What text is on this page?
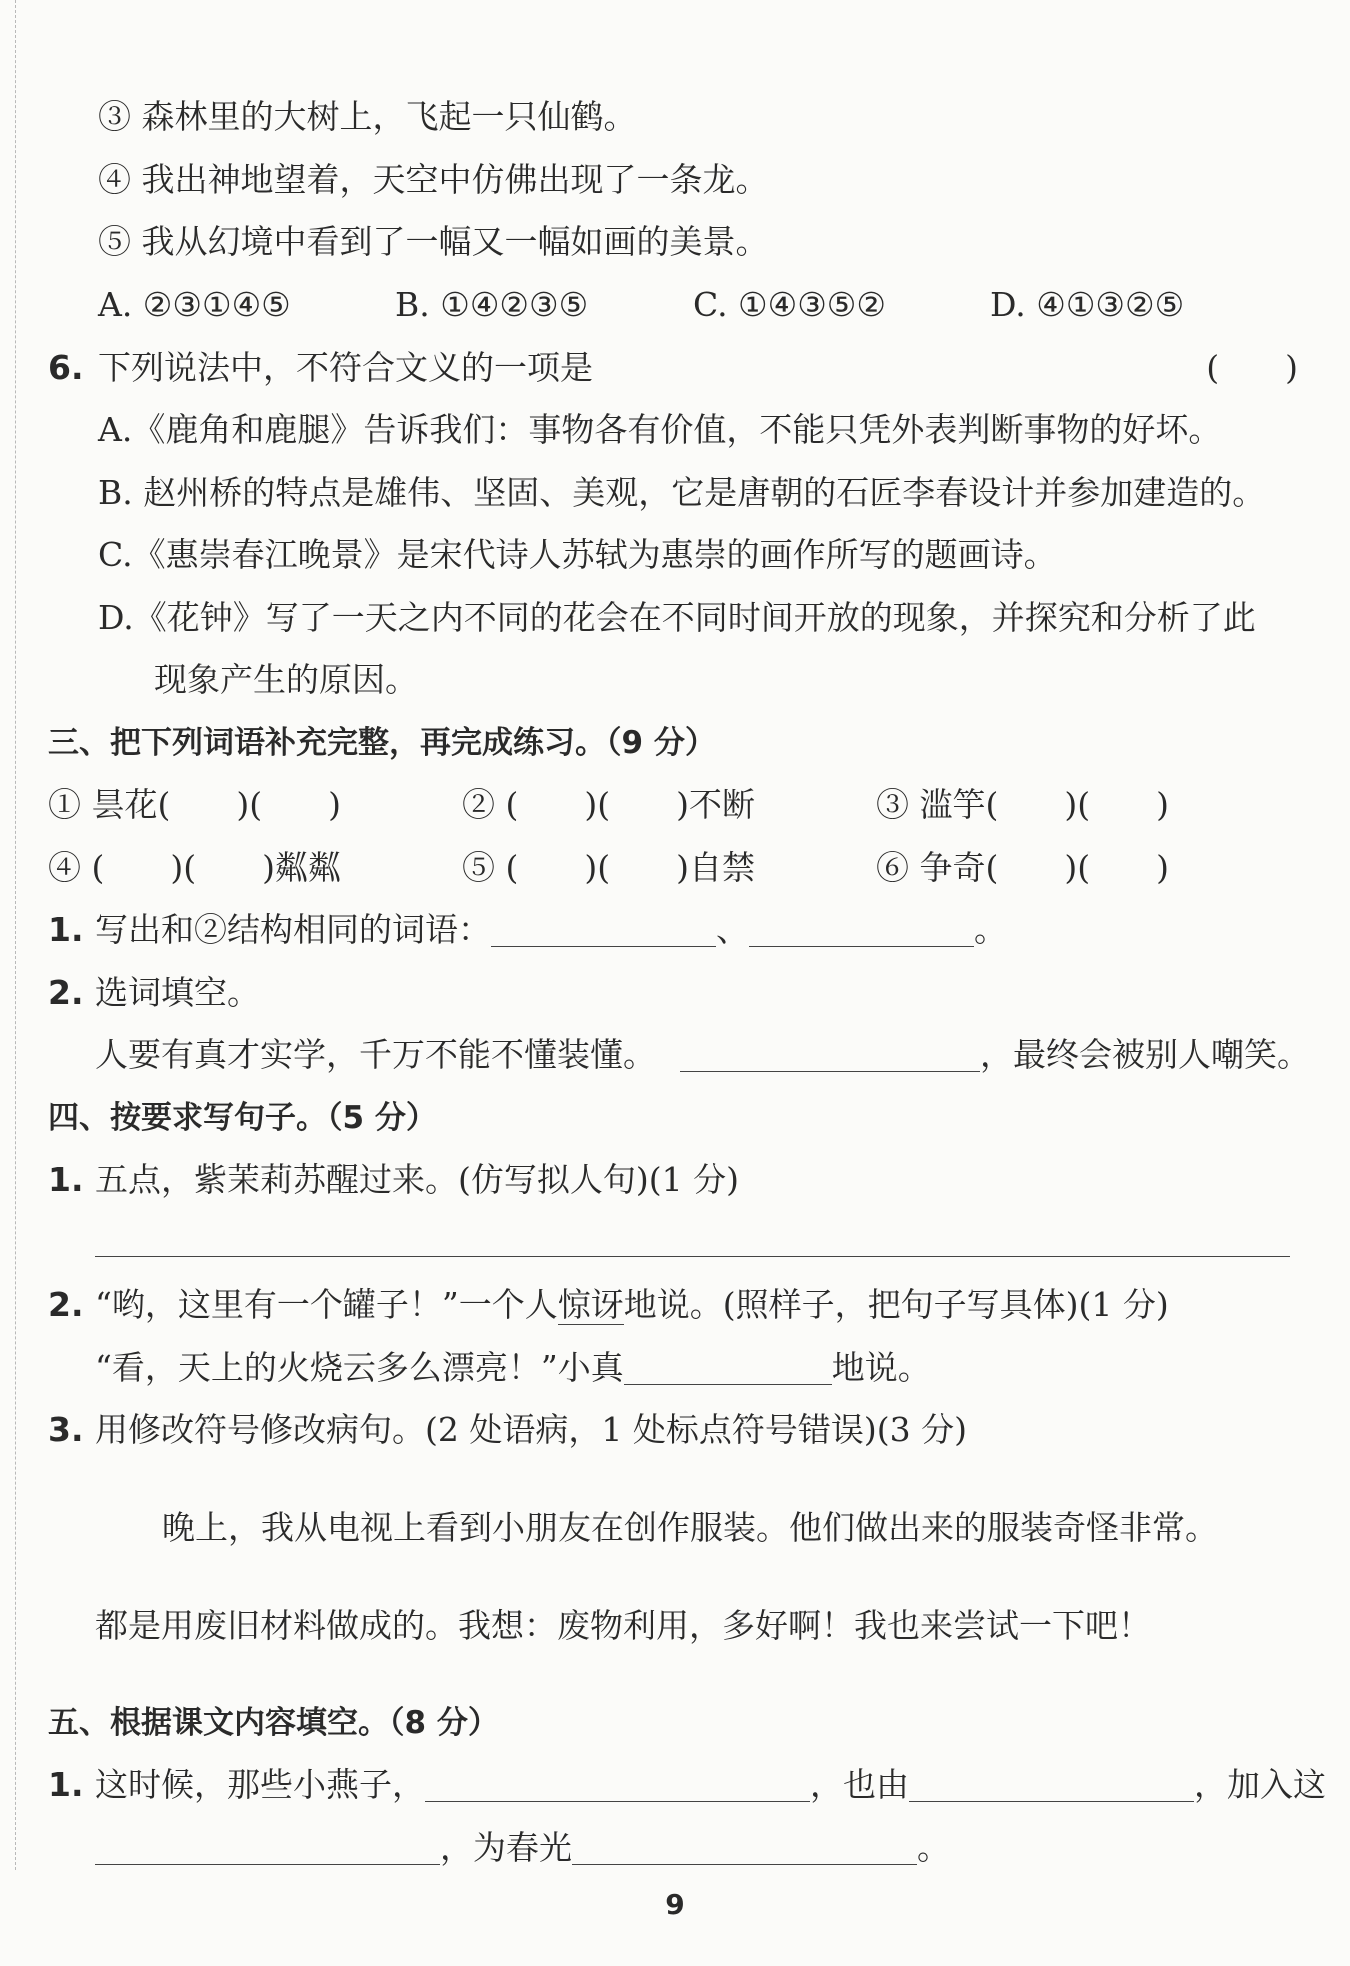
③ 森林里的大树上，飞起一只仙鹤。
④ 我出神地望着，天空中仿佛出现了一条龙。
⑤ 我从幻境中看到了一幅又一幅如画的美景。
A. ②③①④⑤	B. ①④②③⑤	C. ①④③⑤②	D. ④①③②⑤
6. 下列说法中，不符合文义的一项是	(　　)
A.《鹿角和鹿腿》告诉我们：事物各有价值，不能只凭外表判断事物的好坏。
B. 赵州桥的特点是雄伟、坚固、美观，它是唐朝的石匠李春设计并参加建造的。
C.《惠崇春江晚景》是宋代诗人苏轼为惠崇的画作所写的题画诗。
D.《花钟》写了一天之内不同的花会在不同时间开放的现象，并探究和分析了此
现象产生的原因。
三、把下列词语补充完整，再完成练习。（9 分）
① 昙花(　　)(　　)	② (　　)(　　)不断	③ 滥竽(　　)(　　)
④ (　　)(　　)粼粼	⑤ (　　)(　　)自禁	⑥ 争奇(　　)(　　)
1. 写出和②结构相同的词语：	、	。
2. 选词填空。
人要有真才实学，千万不能不懂装懂。	，最终会被别人嘲笑。
四、按要求写句子。（5 分）
1. 五点，紫茉莉苏醒过来。(仿写拟人句)(1 分)
2. “哟，这里有一个罐子！”一个人惊讶地说。(照样子，把句子写具体)(1 分)
“看，天上的火烧云多么漂亮！”小真	地说。
3. 用修改符号修改病句。(2 处语病，1 处标点符号错误)(3 分)
晚上，我从电视上看到小朋友在创作服装。他们做出来的服装奇怪非常。
都是用废旧材料做成的。我想：废物利用，多好啊！我也来尝试一下吧！
五、根据课文内容填空。（8 分）
1. 这时候，那些小燕子，	，也由	，加入这
，为春光	。
9
